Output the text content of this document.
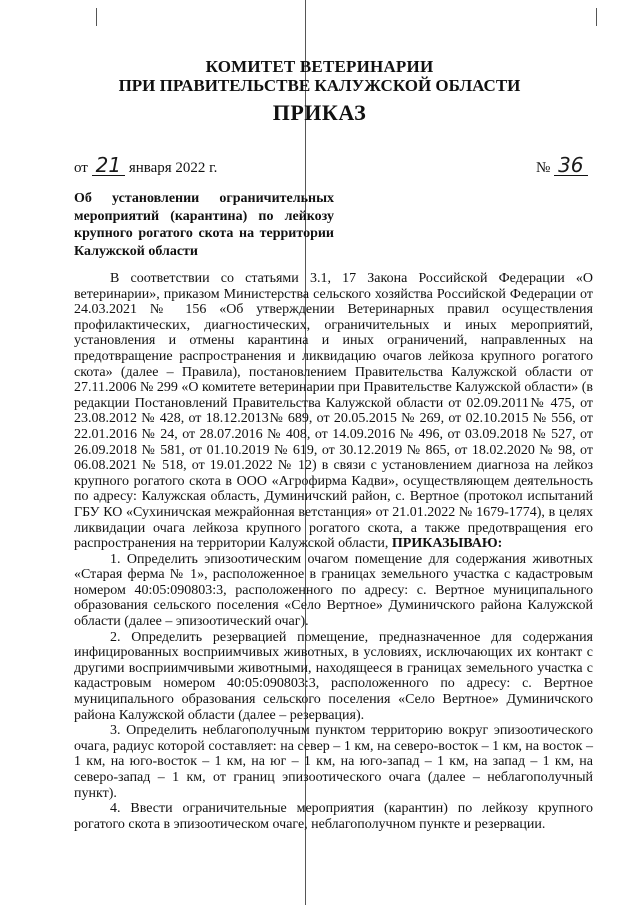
КОМИТЕТ ВЕТЕРИНАРИИ
ПРИ ПРАВИТЕЛЬСТВЕ КАЛУЖСКОЙ ОБЛАСТИ
ПРИКАЗ
от 21 января 2022 г.	№ 36
Об установлении ограничительных мероприятий (карантина) по лейкозу крупного рогатого скота на территории Калужской области

В соответствии со статьями 3.1, 17 Закона Российской Федерации «О ветеринарии», приказом Министерства сельского хозяйства Российской Федерации от 24.03.2021 № 156 «Об утверждении Ветеринарных правил осуществления профилактических, диагностических, ограничительных и иных мероприятий, установления и отмены карантина и иных ограничений, направленных на предотвращение распространения и ликвидацию очагов лейкоза крупного рогатого скота» (далее – Правила), постановлением Правительства Калужской области от 27.11.2006 № 299 «О комитете ветеринарии при Правительстве Калужской области» (в редакции Постановлений Правительства Калужской области от 02.09.2011№ 475, от 23.08.2012 № 428, от 18.12.2013№ 689, от 20.05.2015 № 269, от 02.10.2015 № 556, от 22.01.2016 № 24, от 28.07.2016 № 408, от 14.09.2016 № 496, от 03.09.2018 № 527, от 26.09.2018 № 581, от 01.10.2019 № 619, от 30.12.2019 № 865, от 18.02.2020 № 98, от 06.08.2021 № 518, от 19.01.2022 № 12) в связи с установлением диагноза на лейкоз крупного рогатого скота в ООО «Агрофирма Кадви», осуществляющем деятельность по адресу: Калужская область, Думиничский район, с. Вертное (протокол испытаний ГБУ КО «Сухиничская межрайонная ветстанция» от 21.01.2022 № 1679-1774), в целях ликвидации очага лейкоза крупного рогатого скота, а также предотвращения его распространения на территории Калужской области, ПРИКАЗЫВАЮ:

1. Определить эпизоотическим очагом помещение для содержания животных «Старая ферма № 1», расположенное в границах земельного участка с кадастровым номером 40:05:090803:3, расположенного по адресу: с. Вертное муниципального образования сельского поселения «Село Вертное» Думиничского района Калужской области (далее – эпизоотический очаг).

2. Определить резервацией помещение, предназначенное для содержания инфицированных восприимчивых животных, в условиях, исключающих их контакт с другими восприимчивыми животными, находящееся в границах земельного участка с кадастровым номером 40:05:090803:3, расположенного по адресу: с. Вертное муниципального образования сельского поселения «Село Вертное» Думиничского района Калужской области (далее – резервация).

3. Определить неблагополучным пунктом территорию вокруг эпизоотического очага, радиус которой составляет: на север – 1 км, на северо-восток – 1 км, на восток – 1 км, на юго-восток – 1 км, на юг – 1 км, на юго-запад – 1 км, на запад – 1 км, на северо-запад – 1 км, от границ эпизоотического очага (далее – неблагополучный пункт).

4. Ввести ограничительные мероприятия (карантин) по лейкозу крупного рогатого скота в эпизоотическом очаге, неблагополучном пункте и резервации.
